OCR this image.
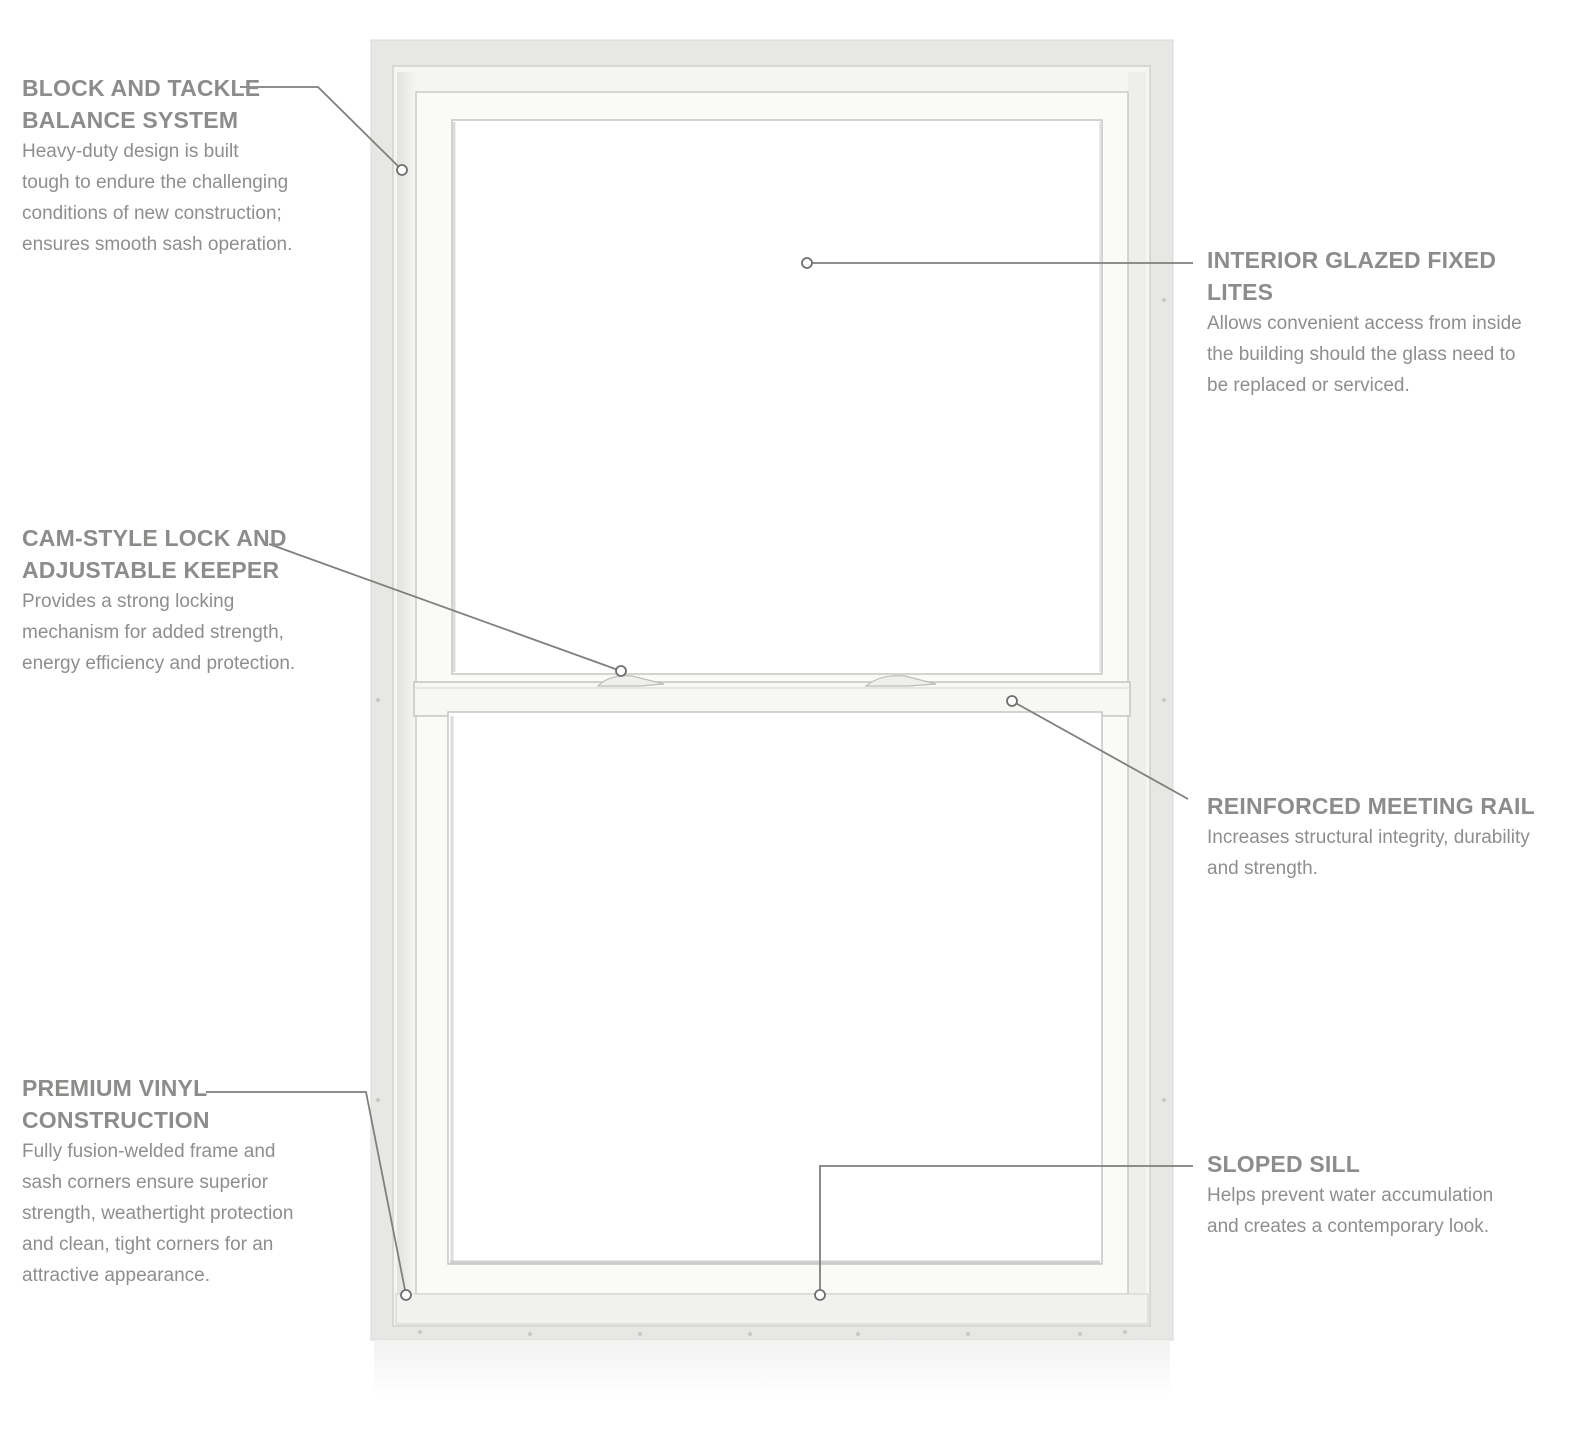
BLOCK AND TACKLE
BALANCE SYSTEM

Heavy-duty design is built
tough to endure the challenging
conditions of new construction;
ensures smooth sash operation.

CAM-STYLE LOCK AND
ADJUSTABLE KEEPER

Provides a strong locking
mechanism for added strength,
energy efficiency and protection.

PREMIUM VINYL
CONSTRUCTION

Fully fusion-welded frame and
sash corners ensure superior
strength, weathertight protection
and clean, tight corners for an
attractive appearance.

INTERIOR GLAZED FIXED LITES

Allows convenient access from inside
the building should the glass need to
be replaced or serviced.

REINFORCED MEETING RAIL

Increases structural integrity, durability
and strength.

SLOPED SILL

Helps prevent water accumulation
and creates a contemporary look.
